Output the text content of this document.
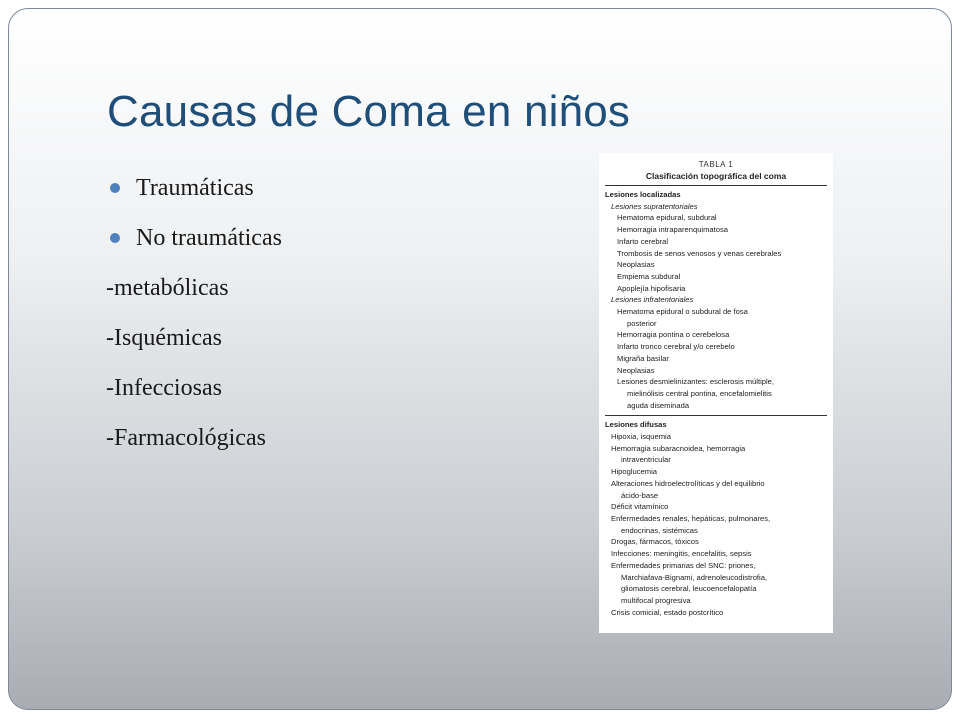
Causas de Coma en niños
Traumáticas
No traumáticas
-metabólicas
-Isquémicas
-Infecciosas
-Farmacológicas
TABLA 1
Clasificación topográfica del coma
Lesiones localizadas
Lesiones supratentoriales
Hematoma epidural, subdural
Hemorragia intraparenquimatosa
Infarto cerebral
Trombosis de senos venosos y venas cerebrales
Neoplasias
Empiema subdural
Apoplejía hipofisaria
Lesiones infratentoriales
Hematoma epidural o subdural de fosa
posterior
Hemorragia pontina o cerebelosa
Infarto tronco cerebral y/o cerebelo
Migraña basilar
Neoplasias
Lesiones desmielinizantes: esclerosis múltiple,
mielinólisis central pontina, encefalomielitis
aguda diseminada
Lesiones difusas
Hipoxia, isquemia
Hemorragia subaracnoidea, hemorragia
intraventricular
Hipoglucemia
Alteraciones hidroelectrolíticas y del equilibrio
ácido-base
Déficit vitamínico
Enfermedades renales, hepáticas, pulmonares,
endocrinas, sistémicas
Drogas, fármacos, tóxicos
Infecciones: meningitis, encefalitis, sepsis
Enfermedades primarias del SNC: priones,
Marchiafava-Bignami, adrenoleucodistrofia,
gliomatosis cerebral, leucoencefalopatía
multifocal progresiva
Crisis comicial, estado postcrítico
